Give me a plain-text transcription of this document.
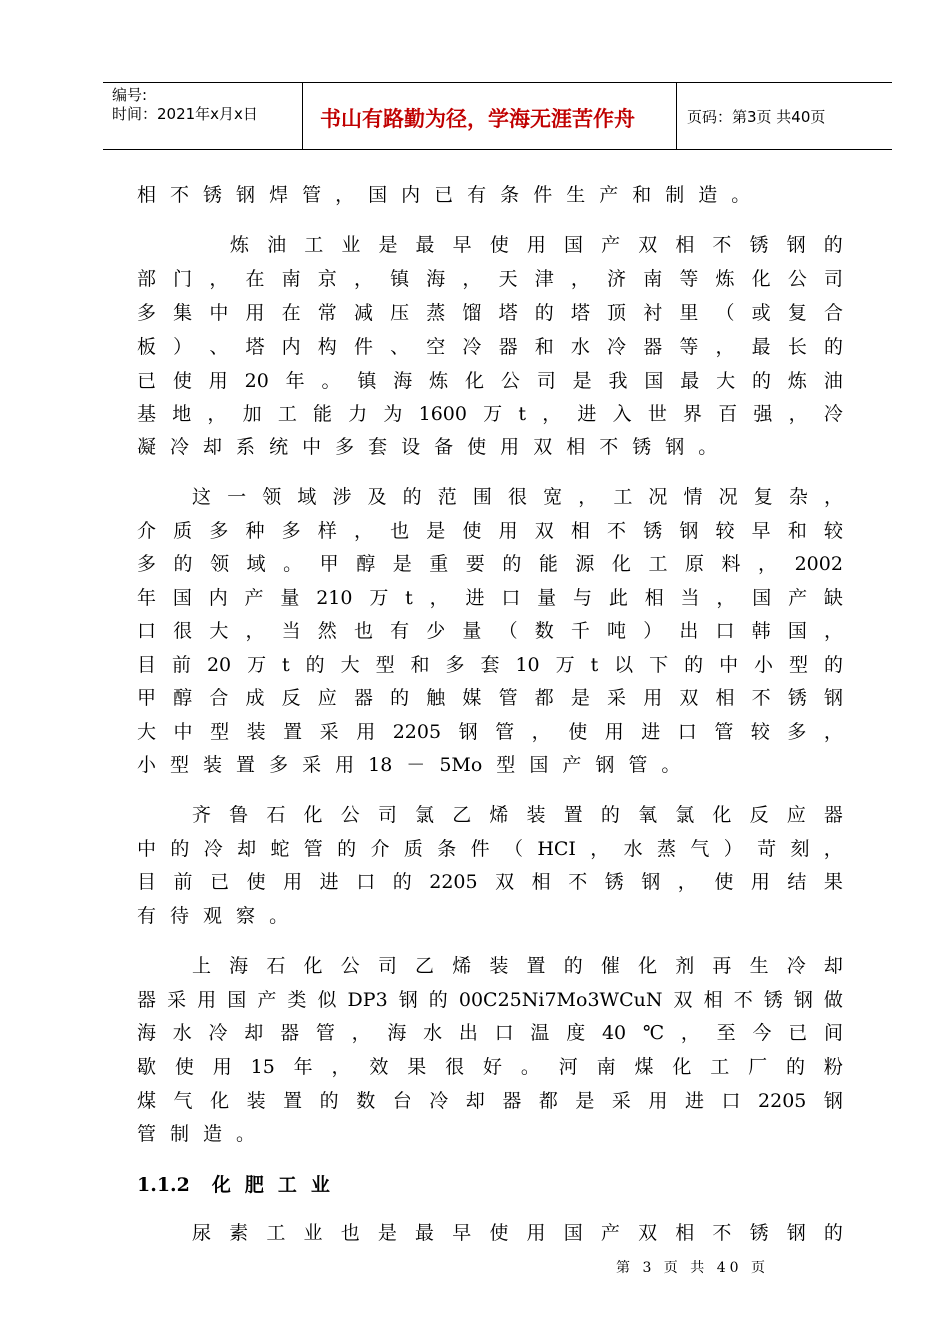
编号:
时间：2021年x月x日	书山有路勤为径，学海无涯苦作舟	页码：第3页 共40页
相 不 锈 钢 焊 管 ， 国 内 已 有 条 件 生 产 和 制 造 。
炼 油 工 业 是 最 早 使 用 国 产 双 相 不 锈 钢 的
部 门 ， 在 南 京 ， 镇 海 ， 天 津 ， 济 南 等 炼 化 公 司
多 集 中 用 在 常 减 压 蒸 馏 塔 的 塔 顶 衬 里 （ 或 复 合
板 ） 、 塔 内 构 件 、 空 冷 器 和 水 冷 器 等 ， 最 长 的
已 使 用 20 年 。 镇 海 炼 化 公 司 是 我 国 最 大 的 炼 油
基 地 ， 加 工 能 力 为 1600 万 t ， 进 入 世 界 百 强 ， 冷
凝 冷 却 系 统 中 多 套 设 备 使 用 双 相 不 锈 钢 。
这 一 领 域 涉 及 的 范 围 很 宽 ， 工 况 情 况 复 杂 ，
介 质 多 种 多 样 ， 也 是 使 用 双 相 不 锈 钢 较 早 和 较
多 的 领 域 。 甲 醇 是 重 要 的 能 源 化 工 原 料 ， 2002
年 国 内 产 量 210 万 t ， 进 口 量 与 此 相 当 ， 国 产 缺
口 很 大 ， 当 然 也 有 少 量 （ 数 千 吨 ） 出 口 韩 国 ，
目 前 20 万 t 的 大 型 和 多 套 10 万 t 以 下 的 中 小 型 的
甲 醇 合 成 反 应 器 的 触 媒 管 都 是 采 用 双 相 不 锈 钢
大 中 型 装 置 采 用 2205 钢 管 ， 使 用 进 口 管 较 多 ，
小 型 装 置 多 采 用 18 － 5Mo 型 国 产 钢 管 。
齐 鲁 石 化 公 司 氯 乙 烯 装 置 的 氧 氯 化 反 应 器
中 的 冷 却 蛇 管 的 介 质 条 件 （ HCI ， 水 蒸 气 ） 苛 刻 ，
目 前 已 使 用 进 口 的 2205 双 相 不 锈 钢 ， 使 用 结 果
有 待 观 察 。
上 海 石 化 公 司 乙 烯 装 置 的 催 化 剂 再 生 冷 却
器 采 用 国 产 类 似 DP3 钢 的 00C25Ni7Mo3WCuN 双 相 不 锈 钢 做
海 水 冷 却 器 管 ， 海 水 出 口 温 度 40 ℃ ， 至 今 已 间
歇 使 用 15 年 ， 效 果 很 好 。 河 南 煤 化 工 厂 的 粉
煤 气 化 装 置 的 数 台 冷 却 器 都 是 采 用 进 口 2205 钢
管 制 造 。
尿 素 工 业 也 是 最 早 使 用 国 产 双 相 不 锈 钢 的
1.1.2 化肥工业
第 3 页 共 40 页
